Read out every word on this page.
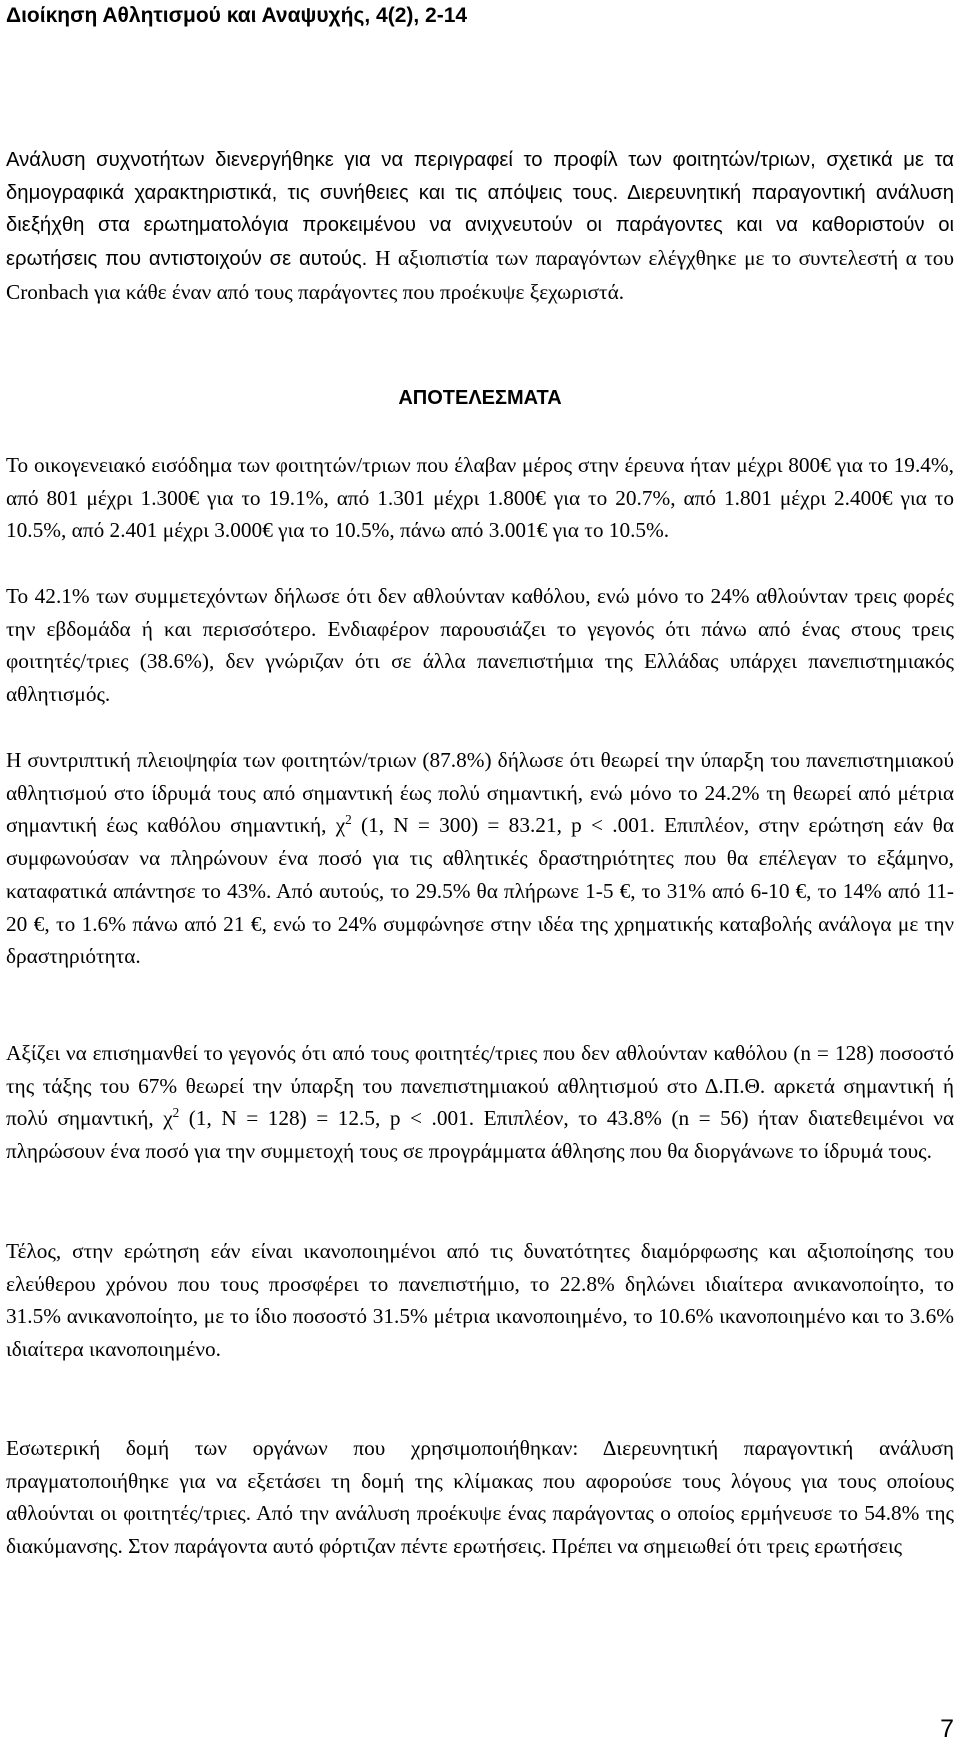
Διοίκηση Αθλητισμού και Αναψυχής, 4(2), 2-14

Ανάλυση συχνοτήτων διενεργήθηκε για να περιγραφεί το προφίλ των φοιτητών/τριων, σχετικά με τα δημογραφικά χαρακτηριστικά, τις συνήθειες και τις απόψεις τους. Διερευνητική παραγοντική ανάλυση διεξήχθη στα ερωτηματολόγια προκειμένου να ανιχνευτούν οι παράγοντες και να καθοριστούν οι ερωτήσεις που αντιστοιχούν σε αυτούς. Η αξιοπιστία των παραγόντων ελέγχθηκε με το συντελεστή α του Cronbach για κάθε έναν από τους παράγοντες που προέκυψε ξεχωριστά.

ΑΠΟΤΕΛΕΣΜΑΤΑ

Το οικογενειακό εισόδημα των φοιτητών/τριων που έλαβαν μέρος στην έρευνα ήταν μέχρι 800€ για το 19.4%, από 801 μέχρι 1.300€ για το 19.1%, από 1.301 μέχρι 1.800€ για το 20.7%, από 1.801 μέχρι 2.400€ για το 10.5%, από 2.401 μέχρι 3.000€ για το 10.5%, πάνω από 3.001€ για το 10.5%.

Το 42.1% των συμμετεχόντων δήλωσε ότι δεν αθλούνταν καθόλου, ενώ μόνο το 24% αθλούνταν τρεις φορές την εβδομάδα ή και περισσότερο. Ενδιαφέρον παρουσιάζει το γεγονός ότι πάνω από ένας στους τρεις φοιτητές/τριες (38.6%), δεν γνώριζαν ότι σε άλλα πανεπιστήμια της Ελλάδας υπάρχει πανεπιστημιακός αθλητισμός.

Η συντριπτική πλειοψηφία των φοιτητών/τριων (87.8%) δήλωσε ότι θεωρεί την ύπαρξη του πανεπιστημιακού αθλητισμού στο ίδρυμά τους από σημαντική έως πολύ σημαντική, ενώ μόνο το 24.2% τη θεωρεί από μέτρια σημαντική έως καθόλου σημαντική, $\chi^2$ (1, N = 300) = 83.21, p < .001. Επιπλέον, στην ερώτηση εάν θα συμφωνούσαν να πληρώνουν ένα ποσό για τις αθλητικές δραστηριότητες που θα επέλεγαν το εξάμηνο, καταφατικά απάντησε το 43%. Από αυτούς, το 29.5% θα πλήρωνε 1-5 €, το 31% από 6-10 €, το 14% από 11-20 €, το 1.6% πάνω από 21 €, ενώ το 24% συμφώνησε στην ιδέα της χρηματικής καταβολής ανάλογα με την δραστηριότητα.

Αξίζει να επισημανθεί το γεγονός ότι από τους φοιτητές/τριες που δεν αθλούνταν καθόλου (n = 128) ποσοστό της τάξης του 67% θεωρεί την ύπαρξη του πανεπιστημιακού αθλητισμού στο Δ.Π.Θ. αρκετά σημαντική ή πολύ σημαντική, $\chi^2$ (1, N = 128) = 12.5, p < .001. Επιπλέον, το 43.8% (n = 56) ήταν διατεθειμένοι να πληρώσουν ένα ποσό για την συμμετοχή τους σε προγράμματα άθλησης που θα διοργάνωνε το ίδρυμά τους.

Τέλος, στην ερώτηση εάν είναι ικανοποιημένοι από τις δυνατότητες διαμόρφωσης και αξιοποίησης του ελεύθερου χρόνου που τους προσφέρει το πανεπιστήμιο, το 22.8% δηλώνει ιδιαίτερα ανικανοποίητο, το 31.5% ανικανοποίητο, με το ίδιο ποσοστό 31.5% μέτρια ικανοποιημένο, το 10.6% ικανοποιημένο και το 3.6% ιδιαίτερα ικανοποιημένο.

Εσωτερική δομή των οργάνων που χρησιμοποιήθηκαν: Διερευνητική παραγοντική ανάλυση πραγματοποιήθηκε για να εξετάσει τη δομή της κλίμακας που αφορούσε τους λόγους για τους οποίους αθλούνται οι φοιτητές/τριες. Από την ανάλυση προέκυψε ένας παράγοντας ο οποίος ερμήνευσε το 54.8% της διακύμανσης. Στον παράγοντα αυτό φόρτιζαν πέντε ερωτήσεις. Πρέπει να σημειωθεί ότι τρεις ερωτήσεις

7
